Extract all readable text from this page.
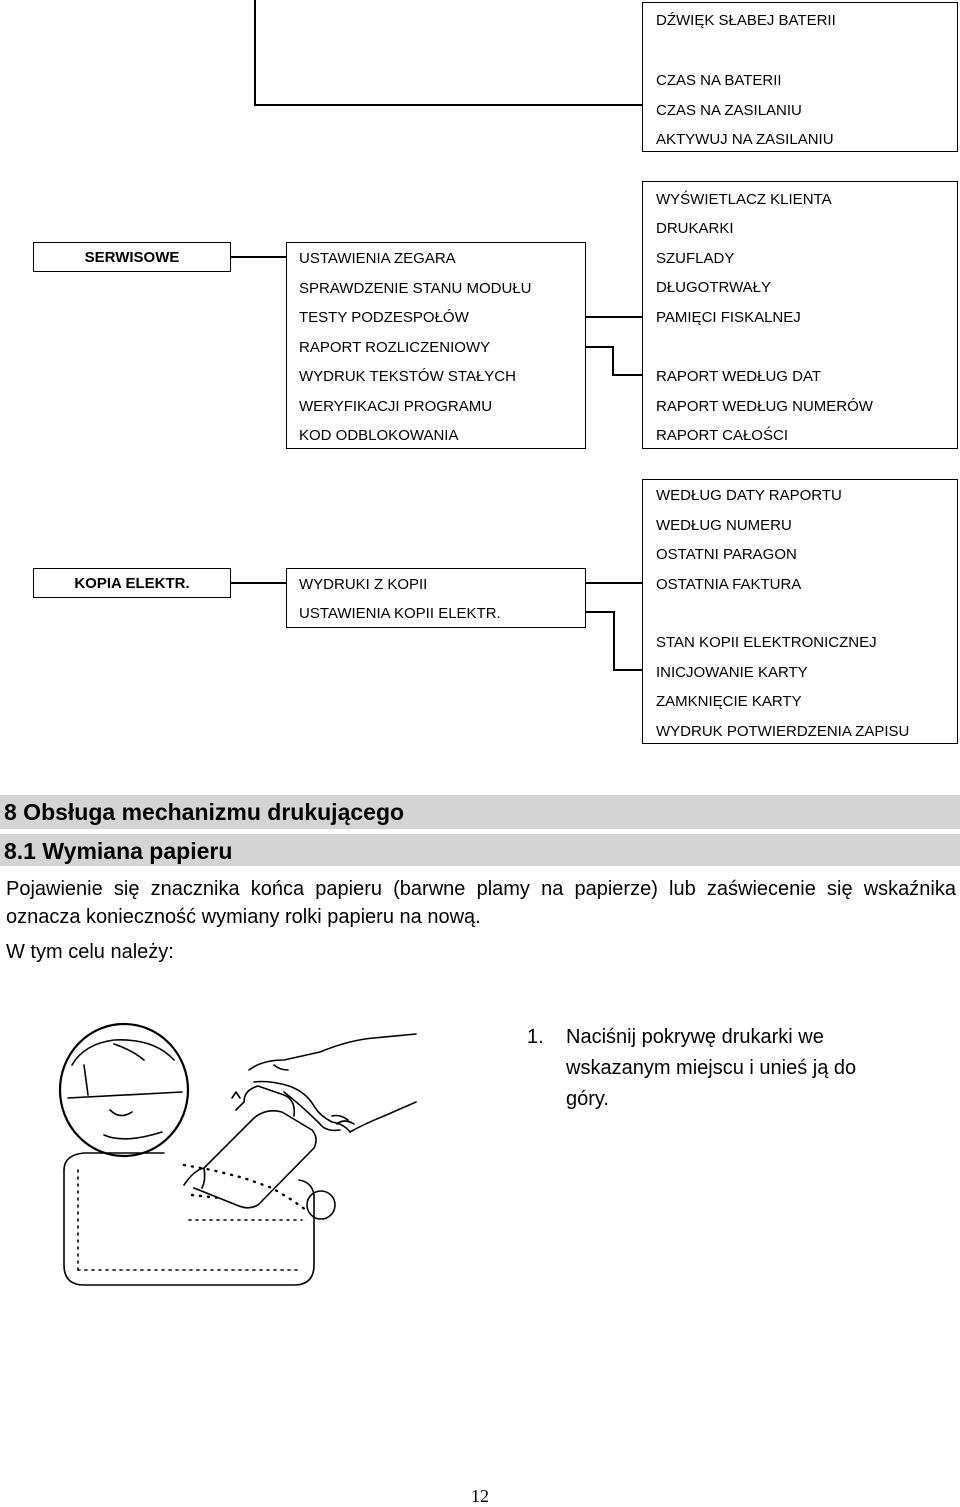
DŹWIĘK SŁABEJ BATERII
CZAS NA BATERII
CZAS NA ZASILANIU
AKTYWUJ NA ZASILANIU
SERWISOWE	USTAWIENIA ZEGARA
SPRAWDZENIE STANU MODUŁU
TESTY PODZESPOŁÓW
RAPORT ROZLICZENIOWY
WYDRUK TEKSTÓW STAŁYCH
WERYFIKACJI PROGRAMU
KOD ODBLOKOWANIA
WYŚWIETLACZ KLIENTA
DRUKARKI
SZUFLADY
DŁUGOTRWAŁY
PAMIĘCI FISKALNEJ
RAPORT WEDŁUG DAT
RAPORT WEDŁUG NUMERÓW
RAPORT CAŁOŚCI
KOPIA ELEKTR.	WYDRUKI Z KOPII
USTAWIENIA KOPII ELEKTR.
WEDŁUG DATY RAPORTU
WEDŁUG NUMERU
OSTATNI PARAGON
OSTATNIA FAKTURA
STAN KOPII ELEKTRONICZNEJ
INICJOWANIE KARTY
ZAMKNIĘCIE KARTY
WYDRUK POTWIERDZENIA ZAPISU
8 Obsługa mechanizmu drukującego
8.1 Wymiana papieru
Pojawienie się znacznika końca papieru (barwne plamy na papierze) lub zaświecenie się wskaźnika oznacza konieczność wymiany rolki papieru na nową.
W tym celu należy:
1. Naciśnij pokrywę drukarki we
wskazanym miejscu i unieś ją do
góry.
12
